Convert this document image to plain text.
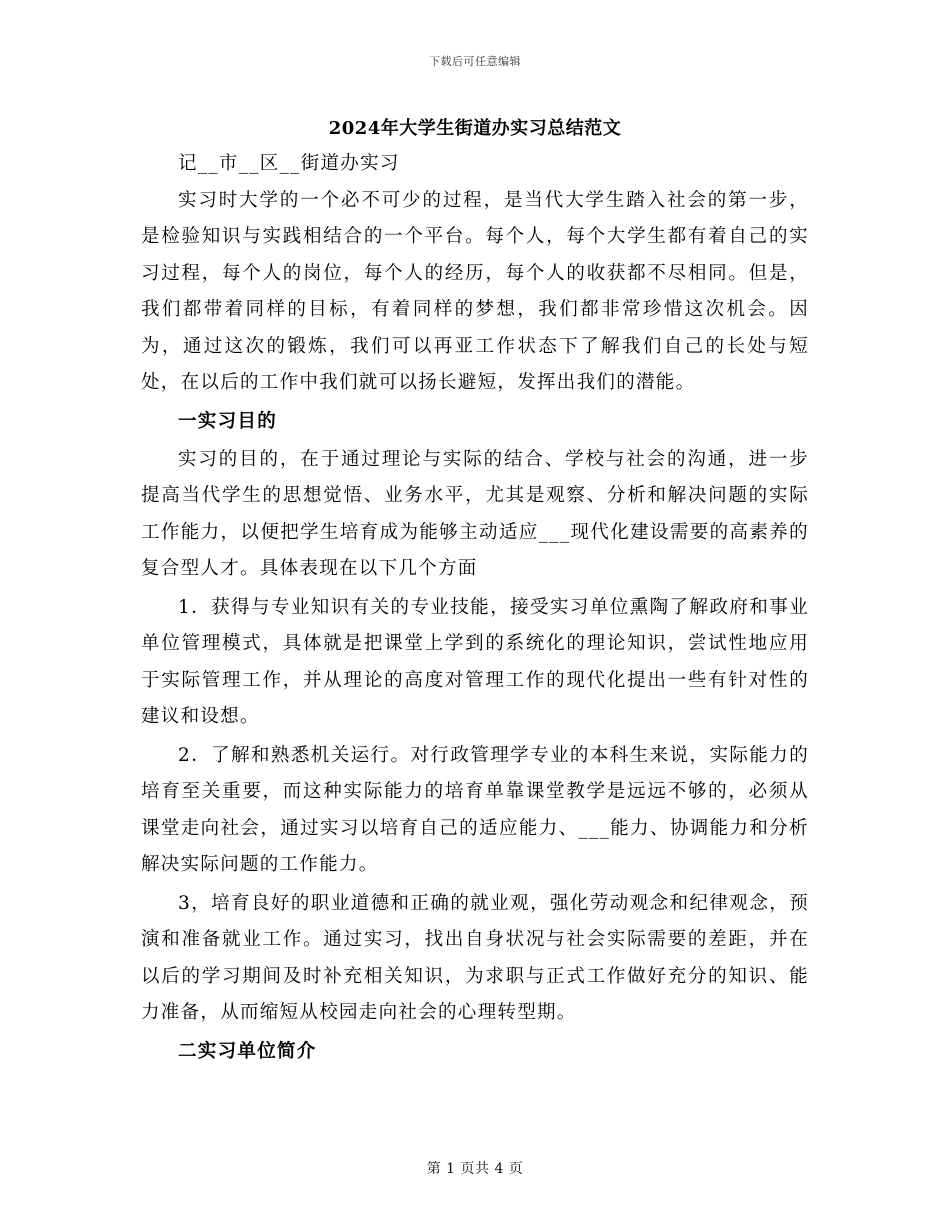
下载后可任意编辑
2024年大学生街道办实习总结范文

记__市__区__街道办实习

实习时大学的一个必不可少的过程，是当代大学生踏入社会的第一步，是检验知识与实践相结合的一个平台。每个人，每个大学生都有着自己的实习过程，每个人的岗位，每个人的经历，每个人的收获都不尽相同。但是，我们都带着同样的目标，有着同样的梦想，我们都非常珍惜这次机会。因为，通过这次的锻炼，我们可以再亚工作状态下了解我们自己的长处与短处，在以后的工作中我们就可以扬长避短，发挥出我们的潜能。

一实习目的

实习的目的，在于通过理论与实际的结合、学校与社会的沟通，进一步提高当代学生的思想觉悟、业务水平，尤其是观察、分析和解决问题的实际工作能力，以便把学生培育成为能够主动适应___现代化建设需要的高素养的复合型人才。具体表现在以下几个方面

1．获得与专业知识有关的专业技能，接受实习单位熏陶了解政府和事业单位管理模式，具体就是把课堂上学到的系统化的理论知识，尝试性地应用于实际管理工作，并从理论的高度对管理工作的现代化提出一些有针对性的建议和设想。

2．了解和熟悉机关运行。对行政管理学专业的本科生来说，实际能力的培育至关重要，而这种实际能力的培育单靠课堂教学是远远不够的，必须从课堂走向社会，通过实习以培育自己的适应能力、___能力、协调能力和分析解决实际问题的工作能力。

3，培育良好的职业道德和正确的就业观，强化劳动观念和纪律观念，预演和准备就业工作。通过实习，找出自身状况与社会实际需要的差距，并在以后的学习期间及时补充相关知识，为求职与正式工作做好充分的知识、能力准备，从而缩短从校园走向社会的心理转型期。

二实习单位简介

第 1 页共 4 页
